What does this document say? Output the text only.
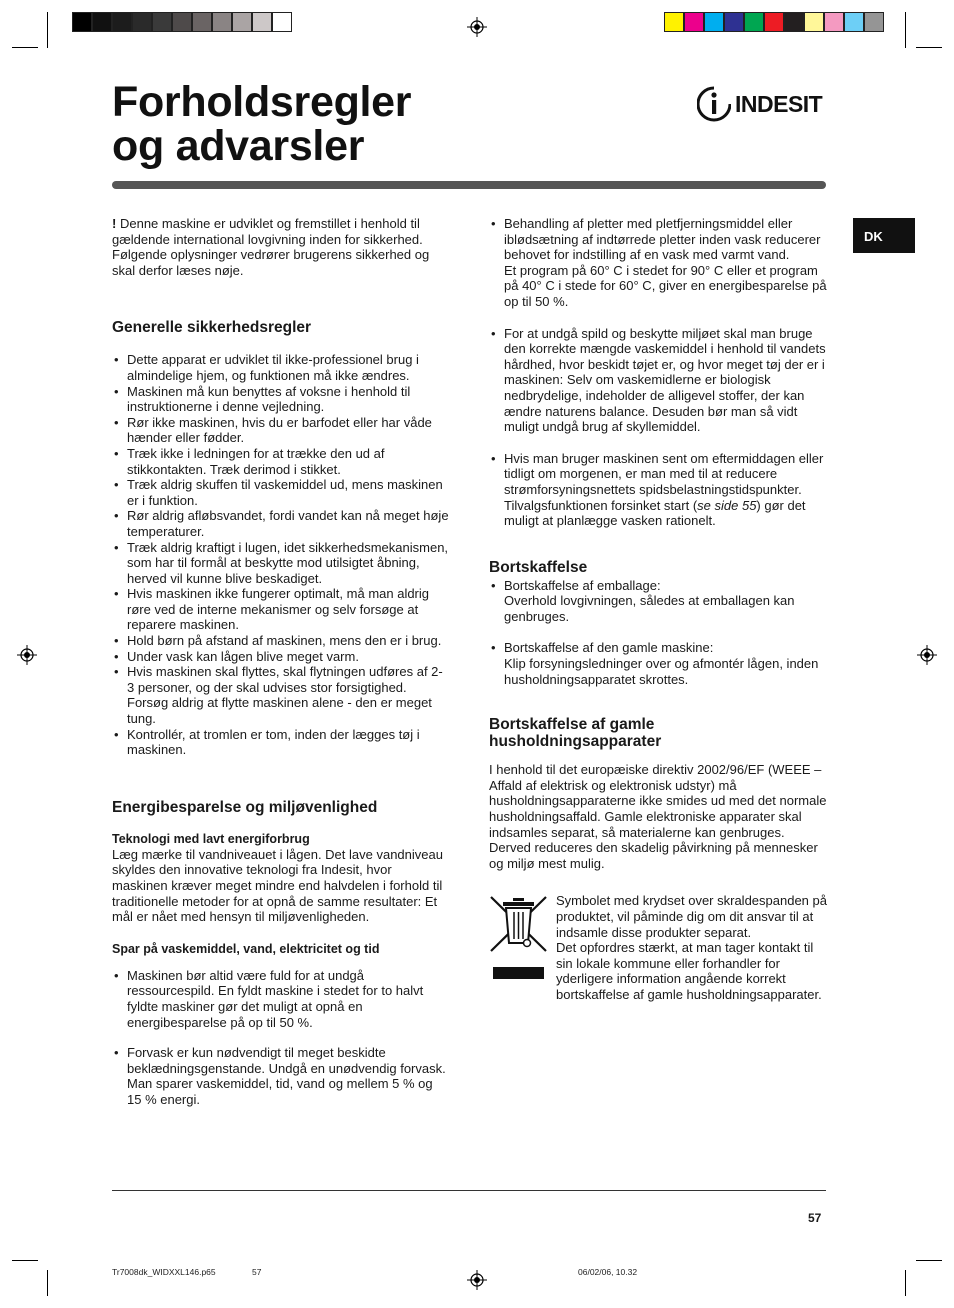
Forholdsregler
og advarsler
INDESIT
DK

! Denne maskine er udviklet og fremstillet i henhold til gældende international lovgivning inden for sikkerhed. Følgende oplysninger vedrører brugerens sikkerhed og skal derfor læses nøje.

Generelle sikkerhedsregler
• Dette apparat er udviklet til ikke-professionel brug i almindelige hjem, og funktionen må ikke ændres.
• Maskinen må kun benyttes af voksne i henhold til instruktionerne i denne vejledning.
• Rør ikke maskinen, hvis du er barfodet eller har våde hænder eller fødder.
• Træk ikke i ledningen for at trække den ud af stikkontakten. Træk derimod i stikket.
• Træk aldrig skuffen til vaskemiddel ud, mens maskinen er i funktion.
• Rør aldrig afløbsvandet, fordi vandet kan nå meget høje temperaturer.
• Træk aldrig kraftigt i lugen, idet sikkerhedsmekanismen, som har til formål at beskytte mod utilsigtet åbning, herved vil kunne blive beskadiget.
• Hvis maskinen ikke fungerer optimalt, må man aldrig røre ved de interne mekanismer og selv forsøge at reparere maskinen.
• Hold børn på afstand af maskinen, mens den er i brug.
• Under vask kan lågen blive meget varm.
• Hvis maskinen skal flyttes, skal flytningen udføres af 2-3 personer, og der skal udvises stor forsigtighed. Forsøg aldrig at flytte maskinen alene - den er meget tung.
• Kontrollér, at tromlen er tom, inden der lægges tøj i maskinen.
Energibesparelse og miljøvenlighed
Teknologi med lavt energiforbrug

Læg mærke til vandniveauet i lågen. Det lave vandniveau skyldes den innovative teknologi fra Indesit, hvor maskinen kræver meget mindre end halvdelen i forhold til traditionelle metoder for at opnå de samme resultater: Et mål er nået med hensyn til miljøvenligheden.

Spar på vaskemiddel, vand, elektricitet og tid
• Maskinen bør altid være fuld for at undgå ressourcespild. En fyldt maskine i stedet for to halvt fyldte maskiner gør det muligt at opnå en energibesparelse på op til 50 %.
• Forvask er kun nødvendigt til meget beskidte beklædningsgenstande. Undgå en unødvendig forvask. Man sparer vaskemiddel, tid, vand og mellem 5 % og 15 % energi.

• Behandling af pletter med pletfjerningsmiddel eller iblødsætning af indtørrede pletter inden vask reducerer behovet for indstilling af en vask med varmt vand.

Et program på 60° C i stedet for 90° C eller et program på 40° C i stede for 60° C, giver en energibesparelse på op til 50 %.

• For at undgå spild og beskytte miljøet skal man bruge den korrekte mængde vaskemiddel i henhold til vandets hårdhed, hvor beskidt tøjet er, og hvor meget tøj der er i maskinen: Selv om vaskemidlerne er biologisk nedbrydelige, indeholder de alligevel stoffer, der kan ændre naturens balance. Desuden bør man så vidt muligt undgå brug af skyllemiddel.

• Hvis man bruger maskinen sent om eftermiddagen eller tidligt om morgenen, er man med til at reducere strømforsyningsnettets spidsbelastningstidspunkter. Tilvalgsfunktionen forsinket start (se side 55) gør det muligt at planlægge vasken rationelt.

Bortskaffelse

• Bortskaffelse af emballage:

Overhold lovgivningen, således at emballagen kan genbruges.

• Bortskaffelse af den gamle maskine:

Klip forsyningsledninger over og afmontér lågen, inden husholdningsapparatet skrottes.

Bortskaffelse af gamle husholdningsapparater

I henhold til det europæiske direktiv 2002/96/EF (WEEE – Affald af elektrisk og elektronisk udstyr) må husholdningsapparaterne ikke smides ud med det normale husholdningsaffald. Gamle elektroniske apparater skal indsamles separat, så materialerne kan genbruges. Derved reduceres den skadelig påvirkning på mennesker og miljø mest mulig.

Symbolet med krydset over skraldespanden på produktet, vil påminde dig om dit ansvar til at indsamle disse produkter separat.

Det opfordres stærkt, at man tager kontakt til sin lokale kommune eller forhandler for yderligere information angående korrekt bortskaffelse af gamle husholdningsapparater.

57
Tr7008dk_WIDXXL146.p65	57	06/02/06, 10.32
